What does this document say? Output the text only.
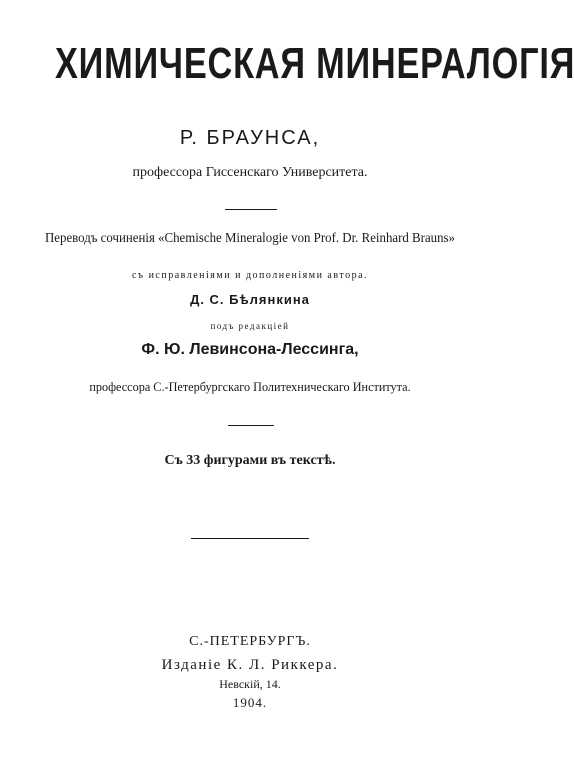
ХИМИЧЕСКАЯ МИНЕРАЛОГІЯ
Р. БРАУНСА,
профессора Гиссенскаго Университета.
Переводъ сочиненія «Chemische Mineralogie von Prof. Dr. Reinhard Brauns»
съ исправленіями и дополненіями автора.
Д. С. Бѣлянкина
подъ редакціей
Ф. Ю. Левинсона-Лессинга,
профессора С.-Петербургскаго Политехническаго Института.
Съ 33 фигурами въ текстѣ.
С.-ПЕТЕРБУРГЪ.
Изданіе К. Л. Риккера.
Невскій, 14.
1904.
